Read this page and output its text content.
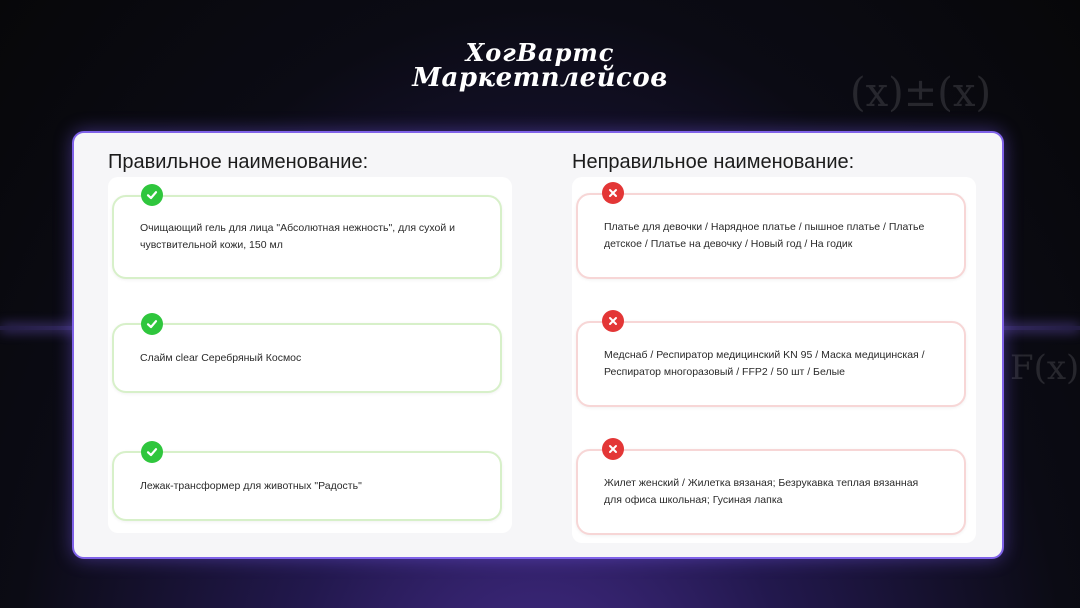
(x)±(x)
F(x)
ХогВартс
Маркетплейсов
Правильное наименование:
Очищающий гель для лица "Абсолютная нежность", для сухой и чувствительной кожи, 150 мл
Слайм clear Серебряный Космос
Лежак-трансформер для животных "Радость"
Неправильное наименование:
Платье для девочки / Нарядное платье / пышное платье / Платье детское / Платье на девочку / Новый год / На годик
Медснаб / Респиратор медицинский KN 95 / Маска медицинская / Респиратор многоразовый / FFP2 / 50 шт / Белые
Жилет женский / Жилетка вязаная; Безрукавка теплая вязанная для офиса школьная; Гусиная лапка
